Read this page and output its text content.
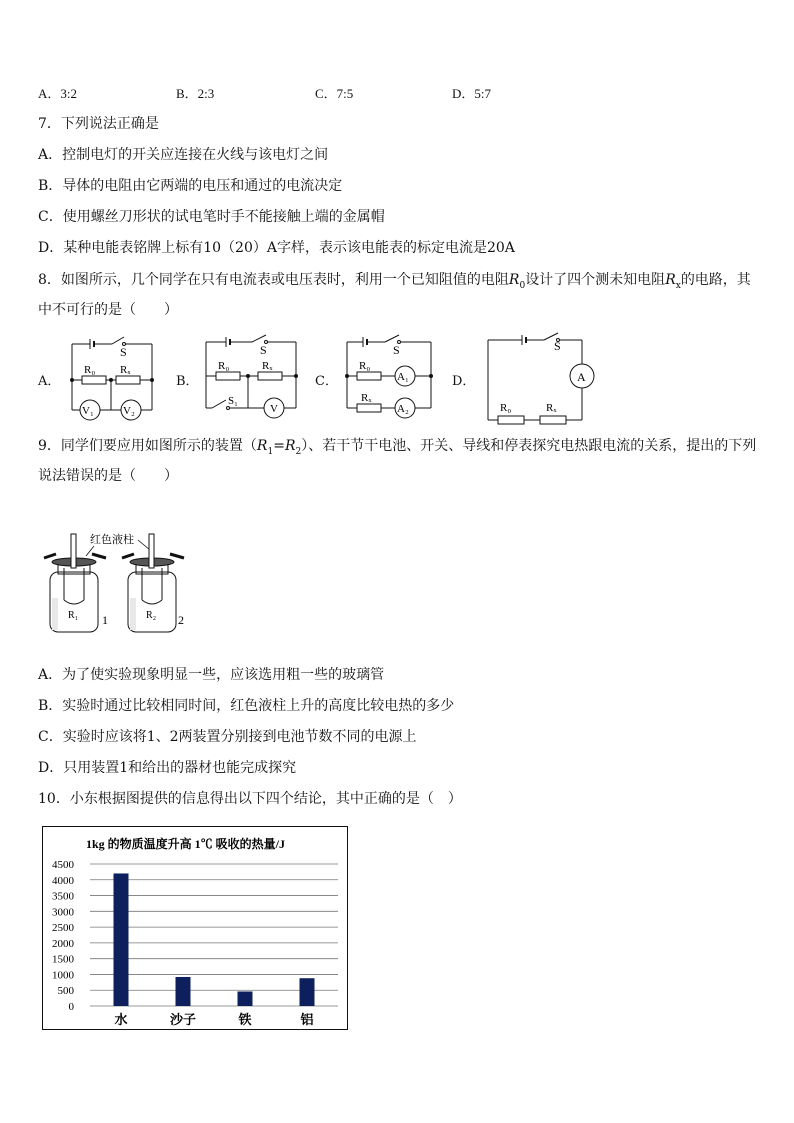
A．3:2	B．2:3	C．7:5	D．5:7
7．下列说法正确是
A．控制电灯的开关应连接在火线与该电灯之间
B．导体的电阻由它两端的电压和通过的电流决定
C．使用螺丝刀形状的试电笔时手不能接触上端的金属帽
D．某种电能表铭牌上标有10（20）A字样，表示该电能表的标定电流是20A
8．如图所示，几个同学在只有电流表或电压表时，利用一个已知阻值的电阻$R_0$设计了四个测未知电阻$R_x$的电路，其
中不可行的是（　　）
A．	B．	C．	D．
S
R₀ Rₓ
V₁	V₂
S
R₀	Rₓ
S₁
V
S
R₀
Rₓ
A₁
A₂
S
A
R₀	Rₓ
9．同学们要应用如图所示的装置$(R_1=R_2)$、若干节干电池、开关、导线和停表探究电热跟电流的关系，提出的下列
说法错误的是（　　）
红色液柱
R₁	R₂
1	2
A．为了使实验现象明显一些，应该选用粗一些的玻璃管
B．实验时通过比较相同时间，红色液柱上升的高度比较电热的多少
C．实验时应该将1、2两装置分别接到电池节数不同的电源上
D．只用装置1和给出的器材也能完成探究
10．小东根据图提供的信息得出以下四个结论，其中正确的是（　）
1kg 的物质温度升高 1℃ 吸收的热量/J
0
500
1000
1500
2000
2500
3000
3500
4000
4500
水	沙子	铁	铝
